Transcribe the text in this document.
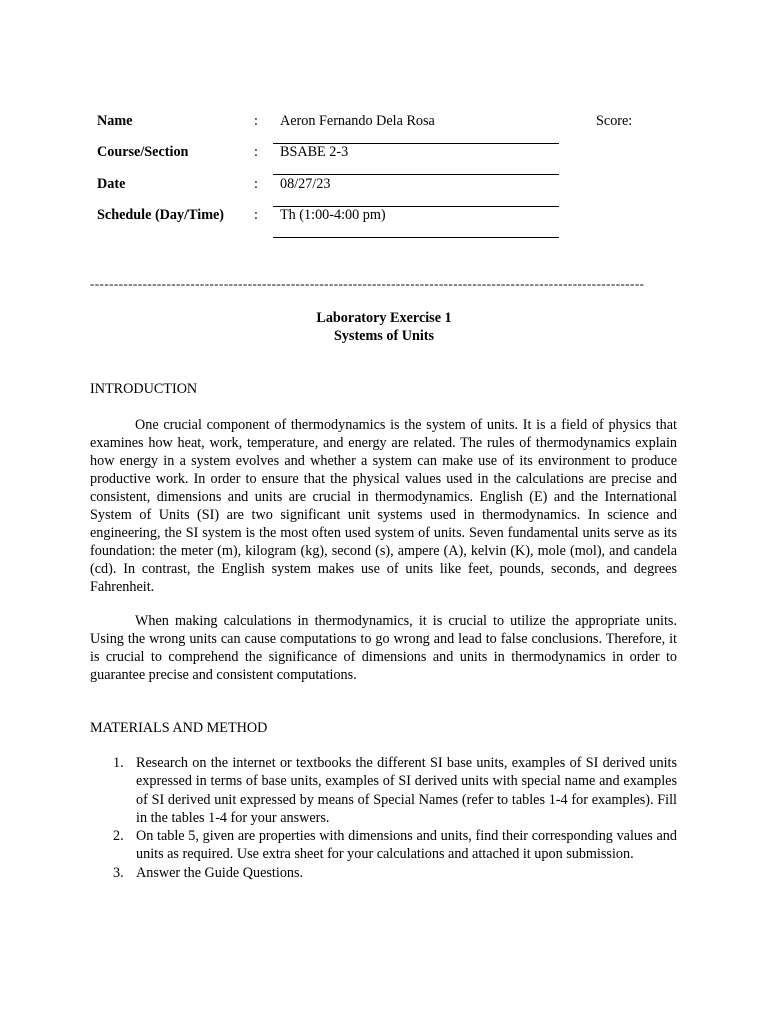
Name	: Aeron Fernando Dela Rosa
Course/Section	: BSABE 2-3
Date	: 08/27/23
Schedule (Day/Time) : Th (1:00-4:00 pm)
Score:
--------------------------------------------------------------------------------------------------------------------
Laboratory Exercise 1
Systems of Units
INTRODUCTION

One crucial component of thermodynamics is the system of units. It is a field of physics that examines how heat, work, temperature, and energy are related. The rules of thermodynamics explain how energy in a system evolves and whether a system can make use of its environment to produce productive work. In order to ensure that the physical values used in the calculations are precise and consistent, dimensions and units are crucial in thermodynamics. English (E) and the International System of Units (SI) are two significant unit systems used in thermodynamics. In science and engineering, the SI system is the most often used system of units. Seven fundamental units serve as its foundation: the meter (m), kilogram (kg), second (s), ampere (A), kelvin (K), mole (mol), and candela (cd). In contrast, the English system makes use of units like feet, pounds, seconds, and degrees Fahrenheit.

When making calculations in thermodynamics, it is crucial to utilize the appropriate units. Using the wrong units can cause computations to go wrong and lead to false conclusions. Therefore, it is crucial to comprehend the significance of dimensions and units in thermodynamics in order to guarantee precise and consistent computations.

MATERIALS AND METHOD
1. Research on the internet or textbooks the different SI base units, examples of SI derived units expressed in terms of base units, examples of SI derived units with special name and examples of SI derived unit expressed by means of Special Names (refer to tables 1-4 for examples). Fill in the tables 1-4 for your answers.
2. On table 5, given are properties with dimensions and units, find their corresponding values and units as required. Use extra sheet for your calculations and attached it upon submission.
3. Answer the Guide Questions.
